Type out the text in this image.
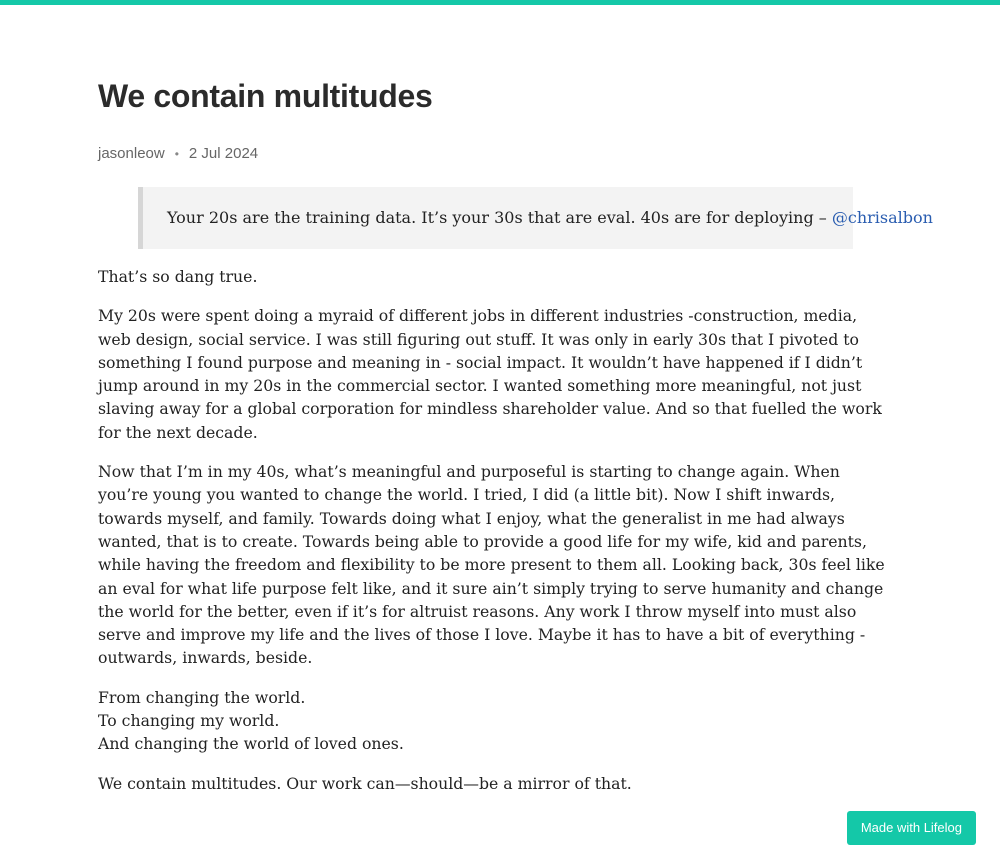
We contain multitudes
jasonleow • 2 Jul 2024
Your 20s are the training data. It’s your 30s that are eval. 40s are for deploying – @chrisalbon

That’s so dang true.

My 20s were spent doing a myraid of different jobs in different industries -construction, media, web design, social service. I was still figuring out stuff. It was only in early 30s that I pivoted to something I found purpose and meaning in - social impact. It wouldn’t have happened if I didn’t jump around in my 20s in the commercial sector. I wanted something more meaningful, not just slaving away for a global corporation for mindless shareholder value. And so that fuelled the work for the next decade.

Now that I’m in my 40s, what’s meaningful and purposeful is starting to change again. When you’re young you wanted to change the world. I tried, I did (a little bit). Now I shift inwards, towards myself, and family. Towards doing what I enjoy, what the generalist in me had always wanted, that is to create. Towards being able to provide a good life for my wife, kid and parents, while having the freedom and flexibility to be more present to them all. Looking back, 30s feel like an eval for what life purpose felt like, and it sure ain’t simply trying to serve humanity and change the world for the better, even if it’s for altruist reasons. Any work I throw myself into must also serve and improve my life and the lives of those I love. Maybe it has to have a bit of everything - outwards, inwards, beside.

From changing the world.
To changing my world.
And changing the world of loved ones.

We contain multitudes. Our work can—should—be a mirror of that.

Made with Lifelog
